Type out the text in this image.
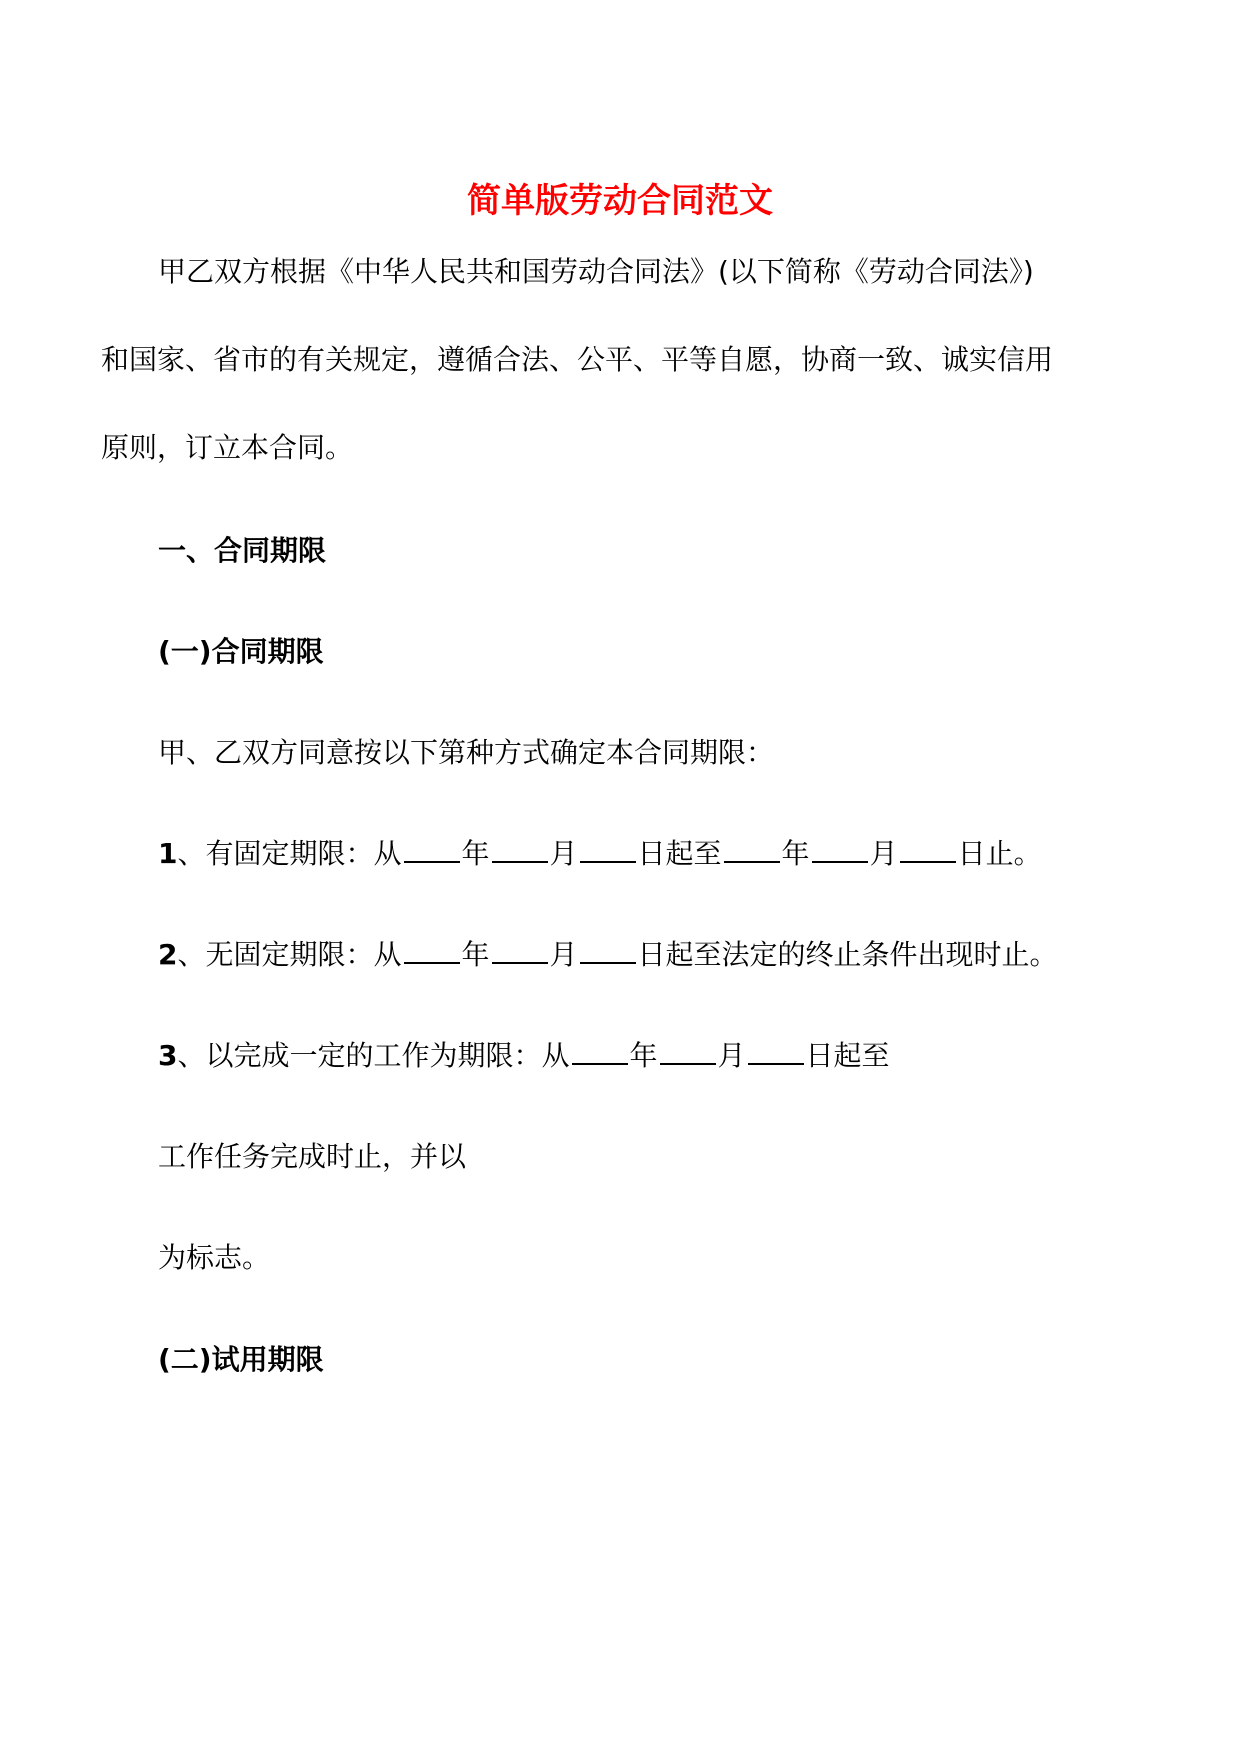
简单版劳动合同范文
甲乙双方根据《中华人民共和国劳动合同法》(以下简称《劳动合同法》)
和国家、省市的有关规定，遵循合法、公平、平等自愿，协商一致、诚实信用
原则，订立本合同。
一、合同期限
(一)合同期限
甲、乙双方同意按以下第种方式确定本合同期限：
1、有固定期限：从 年 月 日起至 年 月 日止。
2、无固定期限：从 年 月 日起至法定的终止条件出现时止。
3、以完成一定的工作为期限：从 年 月 日起至
工作任务完成时止，并以
为标志。
(二)试用期限
